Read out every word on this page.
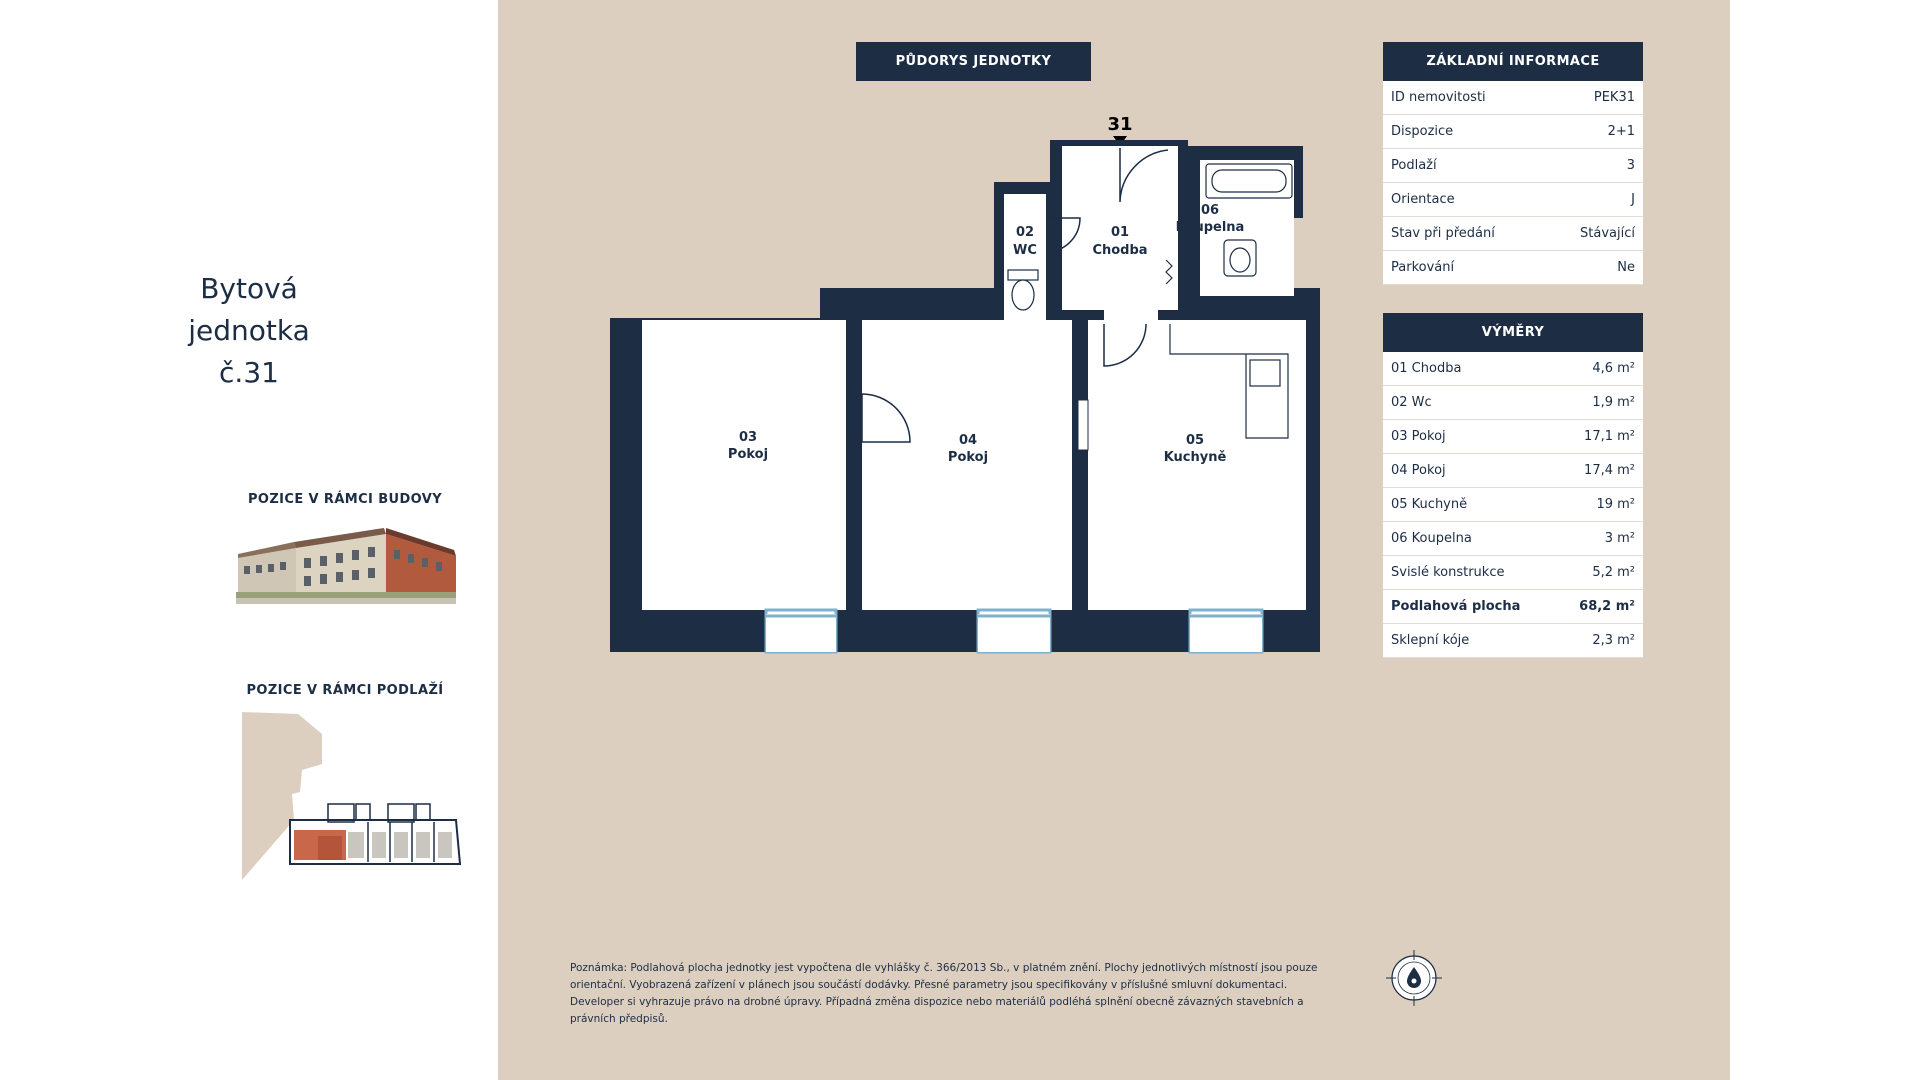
Bytová
jednotka
č.31
POZICE V RÁMCI BUDOVY
POZICE V RÁMCI PODLAŽÍ
PŮDORYS JEDNOTKY
31
03
Pokoj
04
Pokoj
05
Kuchyně
01
Chodba
02
WC
06
Koupelna
ZÁKLADNÍ INFORMACE
ID nemovitosti	PEK31
Dispozice	2+1
Podlaží	3
Orientace	J
Stav při předání	Stávající
Parkování	Ne
VÝMĚRY
01 Chodba	4,6 m²
02 Wc	1,9 m²
03 Pokoj	17,1 m²
04 Pokoj	17,4 m²
05 Kuchyně	19 m²
06 Koupelna	3 m²
Svislé konstrukce	5,2 m²
Podlahová plocha	68,2 m²
Sklepní kóje	2,3 m²
Poznámka: Podlahová plocha jednotky jest vypočtena dle vyhlášky č. 366/2013 Sb., v platném znění. Plochy jednotlivých místností jsou pouze orientační. Vyobrazená zařízení v plánech jsou součástí dodávky. Přesné parametry jsou specifikovány v příslušné smluvní dokumentaci. Developer si vyhrazuje právo na drobné úpravy. Případná změna dispozice nebo materiálů podléhá splnění obecně závazných stavebních a právních předpisů.
